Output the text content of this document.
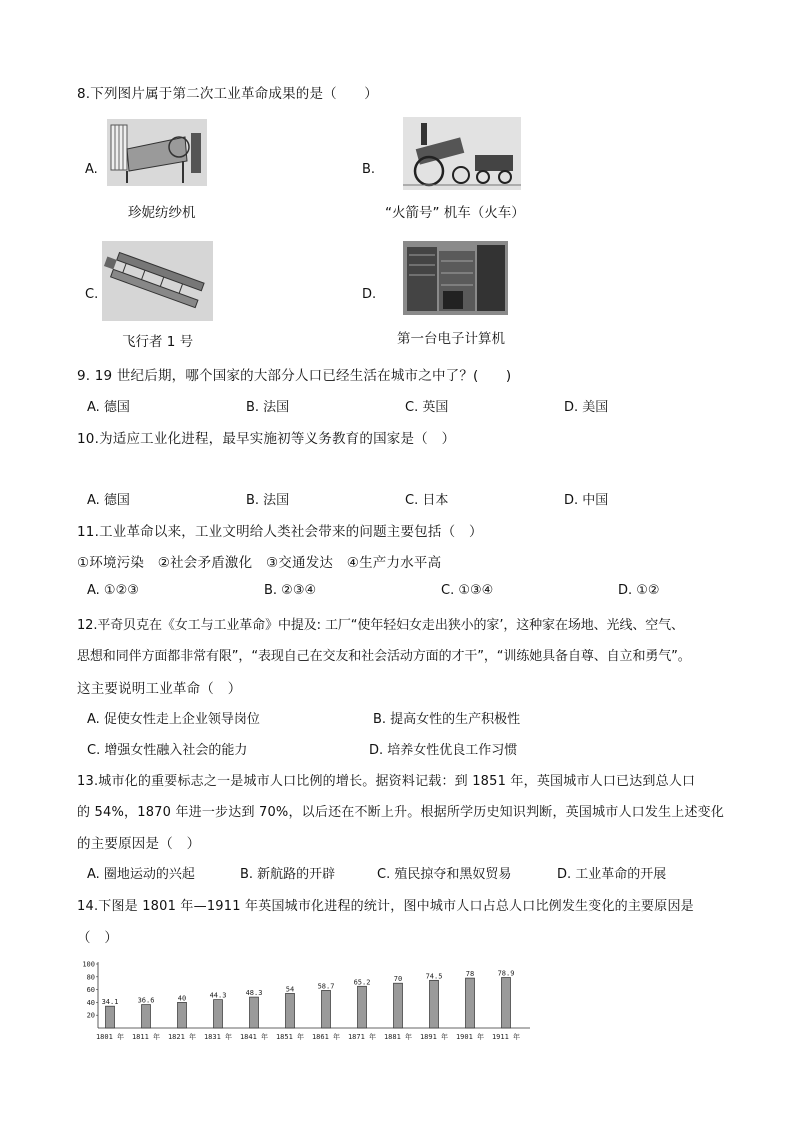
8.下列图片属于第二次工业革命成果的是（　　）
A.
珍妮纺纱机
B.
“火箭号” 机车（火车）
C.
飞行者 1 号
D.
第一台电子计算机
9. 19 世纪后期，哪个国家的大部分人口已经生活在城市之中了？(　　)
A. 德国	B. 法国	C. 英国	D. 美国
10.为适应工业化进程，最早实施初等义务教育的国家是（　）
A. 德国	B. 法国	C. 日本	D. 中国
11.工业革命以来，工业文明给人类社会带来的问题主要包括（　）
①环境污染　②社会矛盾激化　③交通发达　④生产力水平高
A. ①②③	B. ②③④	C. ①③④	D. ①②
12.平奇贝克在《女工与工业革命》中提及: 工厂“使年轻妇女走出狭小的家’，这种家在场地、光线、空气、
思想和同伴方面都非常有限”，“表现自己在交友和社会活动方面的才干”，“训练她具备自尊、自立和勇气”。
这主要说明工业革命（　）
A. 促使女性走上企业领导岗位	B. 提高女性的生产积极性
C. 增强女性融入社会的能力	D. 培养女性优良工作习惯
13.城市化的重要标志之一是城市人口比例的增长。据资料记载：到 1851 年，英国城市人口已达到总人口
的 54%，1870 年进一步达到 70%，以后还在不断上升。根据所学历史知识判断，英国城市人口发生上述变化
的主要原因是（　）
A. 圈地运动的兴起	B. 新航路的开辟	C. 殖民掠夺和黑奴贸易	D. 工业革命的开展
14.下图是 1801 年—1911 年英国城市化进程的统计，图中城市人口占总人口比例发生变化的主要原因是
（　）
20
40
60
80
100
34.1
1801 年
36.6
1811 年
40
1821 年
44.3
1831 年
48.3
1841 年
54
1851 年
58.7
1861 年
65.2
1871 年
70
1881 年
74.5
1891 年
78
1901 年
78.9
1911 年
